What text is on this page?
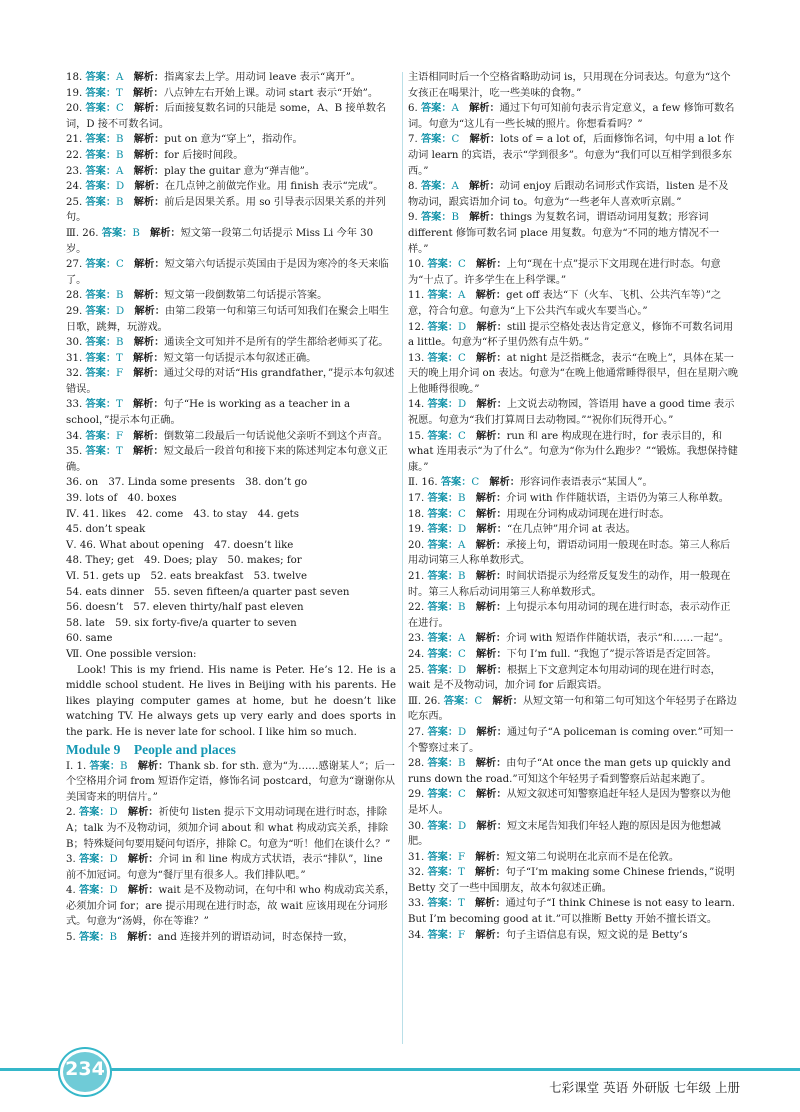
18. 答案：A　 解析：指离家去上学。用动词 leave 表示“离开”。

19. 答案：T　 解析：八点钟左右开始上课。动词 start 表示“开始”。

20. 答案：C　 解析：后面接复数名词的只能是 some，A、B 接单数名词，D 接不可数名词。

21. 答案：B　 解析：put on 意为“穿上”，指动作。

22. 答案：B　 解析：for 后接时间段。

23. 答案：A　 解析：play the guitar 意为“弹吉他”。

24. 答案：D　 解析：在几点钟之前做完作业。用 finish 表示“完成”。

25. 答案：B　 解析：前后是因果关系。用 so 引导表示因果关系的并列句。

Ⅲ. 26. 答案：B　 解析：短文第一段第二句话提示 Miss Li 今年 30 岁。

27. 答案：C　 解析：短文第六句话提示英国由于是因为寒冷的冬天来临了。

28. 答案：B　 解析：短文第一段倒数第二句话提示答案。

29. 答案：D　 解析：由第二段第一句和第三句话可知我们在聚会上唱生日歌，跳舞，玩游戏。

30. 答案：B　 解析：通读全文可知并不是所有的学生都给老师买了花。

31. 答案：T　 解析：短文第一句话提示本句叙述正确。

32. 答案：F　 解析：通过父母的对话“His grandfather，”提示本句叙述错误。

33. 答案：T　 解析：句子“He is working as a teacher in a school，”提示本句正确。

34. 答案：F　 解析：倒数第二段最后一句话说他父亲听不到这个声音。

35. 答案：T　 解析：短文最后一段首句和接下来的陈述判定本句意义正确。

36. on　37. Linda some presents　38. don’t go

39. lots of　40. boxes

Ⅳ. 41. likes　42. come　43. to stay　44. gets

45. don’t speak

Ⅴ. 46. What about opening　47. doesn’t like

48. They; get　49. Does; play　50. makes; for

Ⅵ. 51. gets up　52. eats breakfast　53. twelve

54. eats dinner　55. seven fifteen/a quarter past seven

56. doesn’t　57. eleven thirty/half past eleven

58. late　59. six forty-five/a quarter to seven

60. same

Ⅶ. One possible version:

Look! This is my friend. His name is Peter. He’s 12. He is a middle school student. He lives in Beijing with his parents. He likes playing computer games at home, but he doesn’t like watching TV. He always gets up very early and does sports in the park. He is never late for school. I like him so much.

Module 9　People and places

Ⅰ. 1. 答案：B　 解析：Thank sb. for sth. 意为“为……感谢某人”；后一个空格用介词 from 短语作定语，修饰名词 postcard，句意为“谢谢你从美国寄来的明信片。”

2. 答案：D　 解析：祈使句 listen 提示下文用动词现在进行时态，排除 A；talk 为不及物动词，须加介词 about 和 what 构成动宾关系，排除 B；特殊疑问句要用疑问句语序，排除 C。句意为“听！他们在谈什么？”

3. 答案：D　 解析：介词 in 和 line 构成方式状语，表示“排队”，line 前不加冠词。句意为“餐厅里有很多人。我们排队吧。”

4. 答案：D　 解析：wait 是不及物动词，在句中和 who 构成动宾关系，必须加介词 for；are 提示用现在进行时态，故 wait 应该用现在分词形式。句意为“汤姆，你在等谁？”

5. 答案：B　 解析：and 连接并列的谓语动词，时态保持一致，

主语相同时后一个空格省略助动词 is，只用现在分词表达。句意为“这个女孩正在喝果汁，吃一些美味的食物。”

6. 答案：A　 解析：通过下句可知前句表示肯定意义，a few 修饰可数名词。句意为“这儿有一些长城的照片。你想看看吗？”

7. 答案：C　 解析：lots of = a lot of，后面修饰名词，句中用 a lot 作动词 learn 的宾语，表示“学到很多”。句意为“我们可以互相学到很多东西。”

8. 答案：A　 解析：动词 enjoy 后跟动名词形式作宾语，listen 是不及物动词，跟宾语加介词 to。句意为“一些老年人喜欢听京剧。”

9. 答案：B　 解析：things 为复数名词，谓语动词用复数；形容词 different 修饰可数名词 place 用复数。句意为“不同的地方情况不一样。”

10. 答案：C　 解析：上句“现在十点”提示下文用现在进行时态。句意为“十点了。许多学生在上科学课。”

11. 答案：A　 解析：get off 表达“下（火车、飞机、公共汽车等）”之意，符合句意。句意为“上下公共汽车或火车要当心。”

12. 答案：D　 解析：still 提示空格处表达肯定意义，修饰不可数名词用 a little。句意为“杯子里仍然有点牛奶。”

13. 答案：C　 解析：at night 是泛指概念，表示“在晚上”，具体在某一天的晚上用介词 on 表达。句意为“在晚上他通常睡得很早，但在星期六晚上他睡得很晚。”

14. 答案：D　 解析：上文说去动物园，答语用 have a good time 表示祝愿。句意为“我们打算周日去动物园。”“祝你们玩得开心。”

15. 答案：C　 解析：run 和 are 构成现在进行时，for 表示目的，和 what 连用表示“为了什么”。句意为“你为什么跑步？”“锻炼。我想保持健康。”

Ⅱ. 16. 答案：C　 解析：形容词作表语表示“某国人”。

17. 答案：B　 解析：介词 with 作伴随状语，主语仍为第三人称单数。

18. 答案：C　 解析：用现在分词构成动词现在进行时态。

19. 答案：D　 解析：“在几点钟”用介词 at 表达。

20. 答案：A　 解析：承接上句，谓语动词用一般现在时态。第三人称后用动词第三人称单数形式。

21. 答案：B　 解析：时间状语提示为经常反复发生的动作，用一般现在时。第三人称后动词用第三人称单数形式。

22. 答案：B　 解析：上句提示本句用动词的现在进行时态，表示动作正在进行。

23. 答案：A　 解析：介词 with 短语作伴随状语，表示“和……一起”。

24. 答案：C　 解析：下句 I’m full. “我饱了”提示答语是否定回答。

25. 答案：D　 解析：根据上下文意判定本句用动词的现在进行时态，wait 是不及物动词，加介词 for 后跟宾语。

Ⅲ. 26. 答案：C　 解析：从短文第一句和第二句可知这个年轻男子在路边吃东西。

27. 答案：D　 解析：通过句子“A policeman is coming over.”可知一个警察过来了。

28. 答案：B　 解析：由句子“At once the man gets up quickly and runs down the road.”可知这个年轻男子看到警察后站起来跑了。

29. 答案：C　 解析：从短文叙述可知警察追赶年轻人是因为警察以为他是坏人。

30. 答案：D　 解析：短文末尾告知我们年轻人跑的原因是因为他想减肥。

31. 答案：F　 解析：短文第二句说明在北京而不是在伦敦。

32. 答案：T　 解析：句子“I’m making some Chinese friends，”说明 Betty 交了一些中国朋友，故本句叙述正确。

33. 答案：T　 解析：通过句子“I think Chinese is not easy to learn. But I’m becoming good at it.”可以推断 Betty 开始不擅长语文。

34. 答案：F　 解析：句子主语信息有误，短文说的是 Betty’s

234
七彩课堂 英语 外研版 七年级 上册
